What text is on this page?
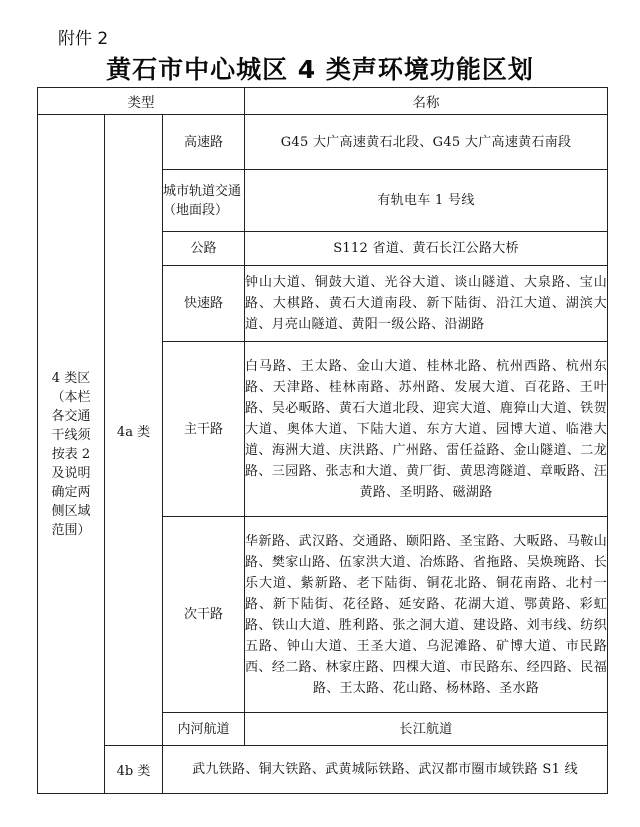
附件 2
黄石市中心城区 4 类声环境功能区划
类型			名称
4 类区（本栏各交通干线须按表 2 及说明确定两侧区域范围）	4a 类	高速路	G45 大广高速黄石北段、G45 大广高速黄石南段
		城市轨道交通（地面段）	有轨电车 1 号线
		公路	S112 省道、黄石长江公路大桥
		快速路	钟山大道、铜鼓大道、光谷大道、谈山隧道、大泉路、宝山路、大棋路、黄石大道南段、新下陆街、沿江大道、湖滨大道、月亮山隧道、黄阳一级公路、沿湖路
		主干路	白马路、王太路、金山大道、桂林北路、杭州西路、杭州东路、天津路、桂林南路、苏州路、发展大道、百花路、王叶路、吴必畈路、黄石大道北段、迎宾大道、鹿獐山大道、铁贺大道、奥体大道、下陆大道、东方大道、园博大道、临港大道、海洲大道、庆洪路、广州路、雷任益路、金山隧道、二龙路、三园路、张志和大道、黄厂街、黄思湾隧道、章畈路、汪黄路、圣明路、磁湖路
		次干路	华新路、武汉路、交通路、颐阳路、圣宝路、大畈路、马鞍山路、樊家山路、伍家洪大道、冶炼路、省拖路、吴焕琬路、长乐大道、紫新路、老下陆街、铜花北路、铜花南路、北村一路、新下陆街、花径路、延安路、花湖大道、鄂黄路、彩虹路、铁山大道、胜利路、张之洞大道、建设路、刘韦线、纺织五路、钟山大道、王圣大道、乌泥滩路、矿博大道、市民路西、经二路、林家庄路、四棵大道、市民路东、经四路、民福路、王太路、花山路、杨林路、圣水路
		内河航道	长江航道
	4b 类	武九铁路、铜大铁路、武黄城际铁路、武汉都市圈市域铁路 S1 线	
